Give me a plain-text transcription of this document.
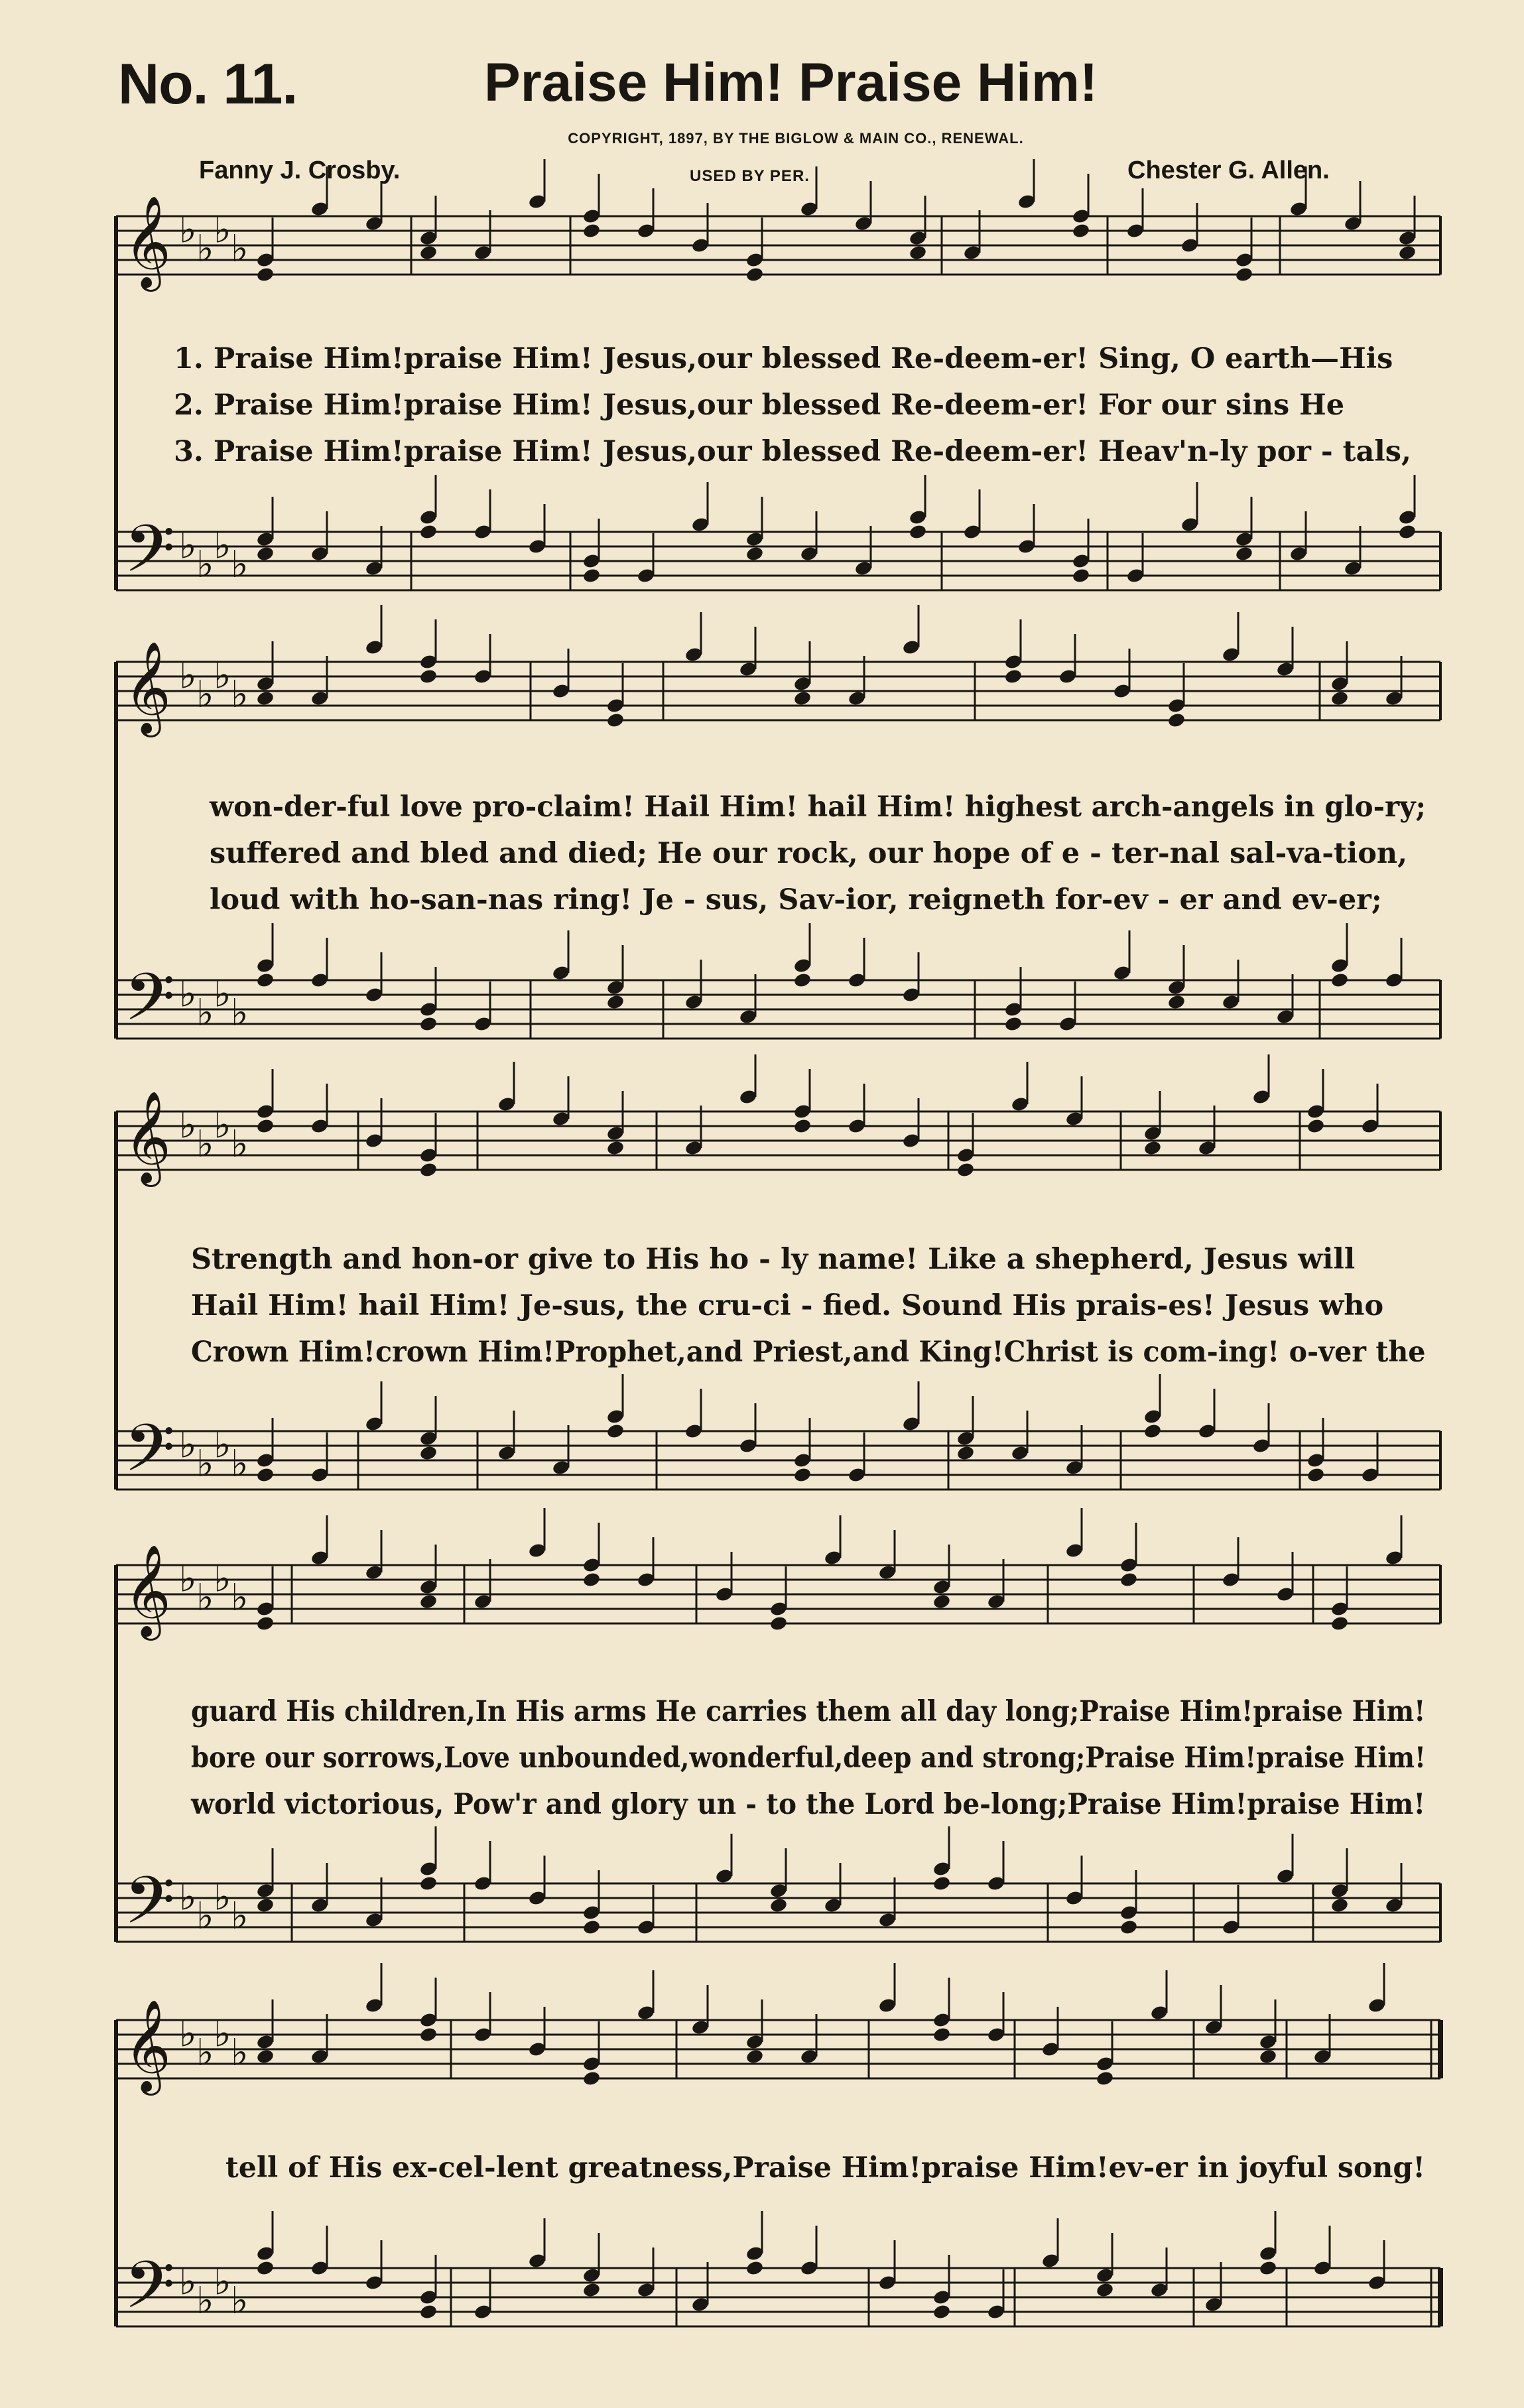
No. 11.	Praise Him! Praise Him!
COPYRIGHT, 1897, BY THE BIGLOW & MAIN CO., RENEWAL.
Fanny J. Crosby.	USED BY PER.	Chester G. Allen.
1. Praise Him!praise Him! Jesus,our blessed Re-deem-er! Sing, O earth—His
2. Praise Him!praise Him! Jesus,our blessed Re-deem-er! For our sins He
3. Praise Him!praise Him! Jesus,our blessed Re-deem-er! Heav'n-ly por - tals,
won-der-ful love pro-claim! Hail Him! hail Him! highest arch-angels in glo-ry;
suffered and bled and died; He our rock, our hope of e - ter-nal sal-va-tion,
loud with ho-san-nas ring! Je - sus, Sav-ior, reigneth for-ev - er and ev-er;
Strength and hon-or give to His ho - ly name! Like a shepherd, Jesus will
Hail Him! hail Him! Je-sus, the cru-ci - fied. Sound His prais-es! Jesus who
Crown Him!crown Him!Prophet,and Priest,and King!Christ is com-ing! o-ver the
guard His children,In His arms He carries them all day long;Praise Him!praise Him!
bore our sorrows,Love unbounded,wonderful,deep and strong;Praise Him!praise Him!
world victorious, Pow'r and glory un - to the Lord be-long;Praise Him!praise Him!
tell of His ex-cel-lent greatness,Praise Him!praise Him!ev-er in joyful song!
𝄞 ♭ ♭ ♭ ♭
𝄢 ♭ ♭ ♭ ♭
𝄞 ♭ ♭ ♭ ♭
𝄢 ♭ ♭ ♭ ♭
𝄞 ♭ ♭ ♭ ♭
𝄢 ♭ ♭ ♭ ♭
𝄞 ♭ ♭ ♭ ♭
𝄢 ♭ ♭ ♭ ♭
𝄞 ♭ ♭ ♭ ♭
𝄢 ♭ ♭ ♭ ♭
